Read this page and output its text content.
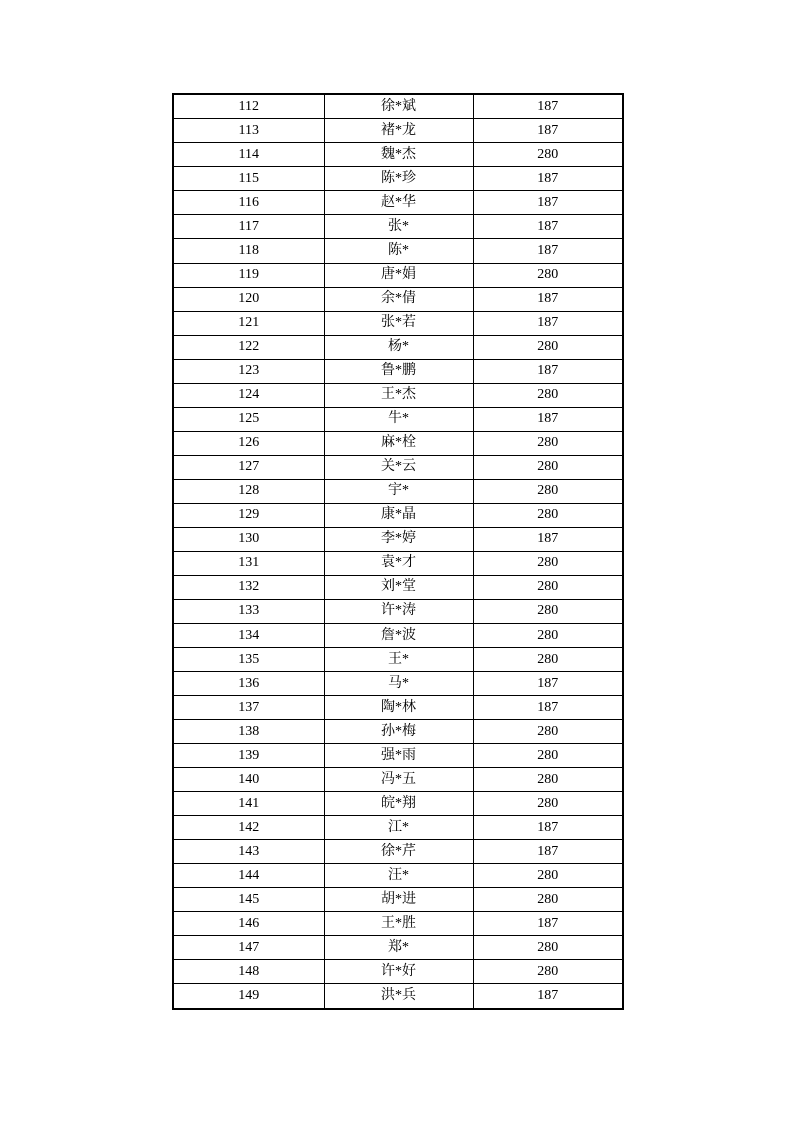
112	徐*斌	187
113	褚*龙	187
114	魏*杰	280
115	陈*珍	187
116	赵*华	187
117	张*	187
118	陈*	187
119	唐*娟	280
120	余*倩	187
121	张*若	187
122	杨*	280
123	鲁*鹏	187
124	王*杰	280
125	牛*	187
126	麻*栓	280
127	关*云	280
128	宇*	280
129	康*晶	280
130	李*婷	187
131	袁*才	280
132	刘*堂	280
133	许*涛	280
134	詹*波	280
135	王*	280
136	马*	187
137	陶*林	187
138	孙*梅	280
139	强*雨	280
140	冯*五	280
141	皖*翔	280
142	江*	187
143	徐*芹	187
144	汪*	280
145	胡*进	280
146	王*胜	187
147	郑*	280
148	许*好	280
149	洪*兵	187
